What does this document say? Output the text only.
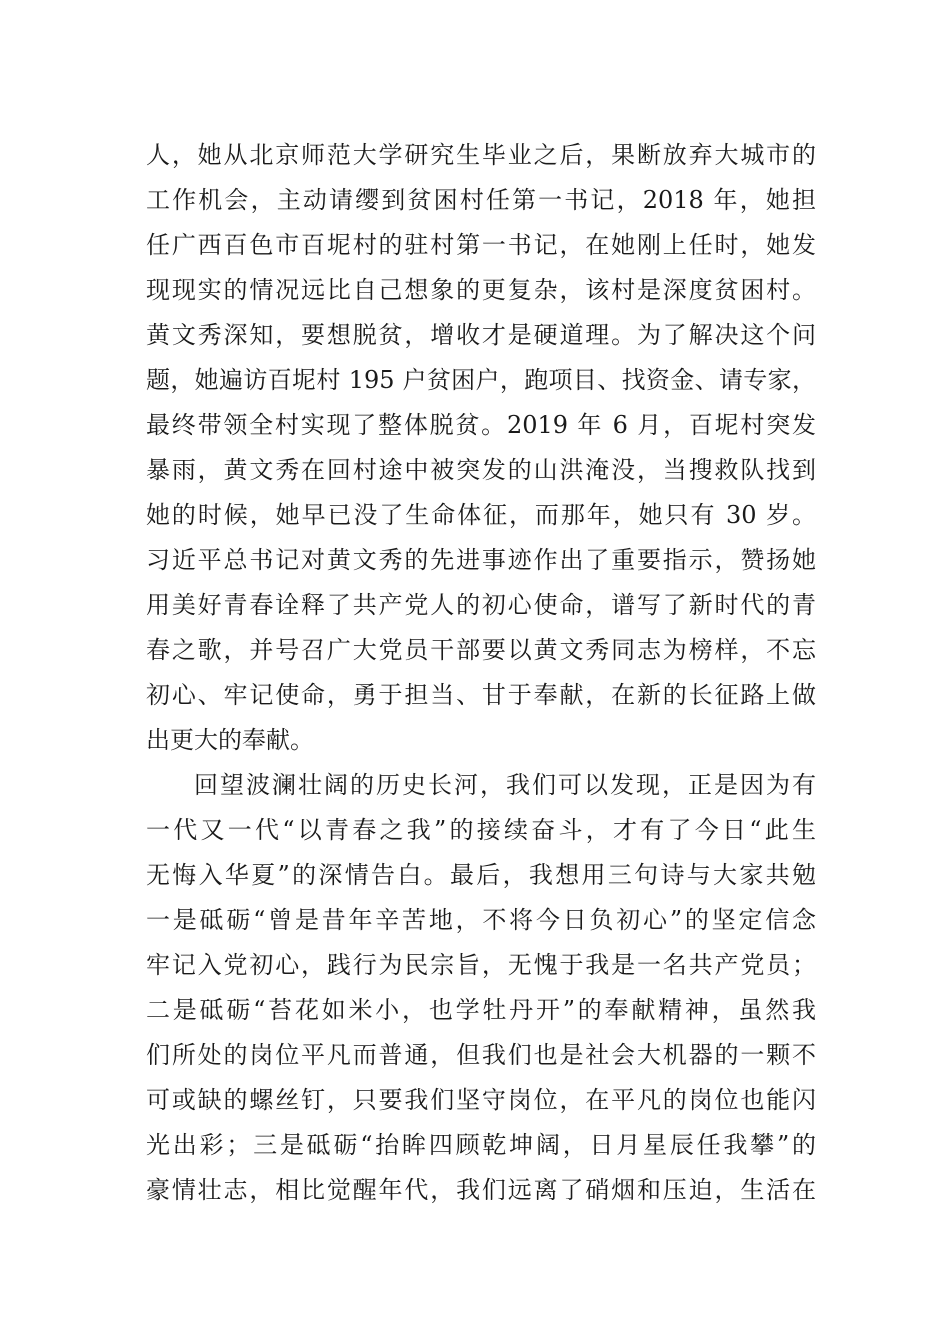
人，她从北京师范大学研究生毕业之后，果断放弃大城市的
工作机会，主动请缨到贫困村任第一书记，2018 年，她担
任广西百色市百坭村的驻村第一书记，在她刚上任时，她发
现现实的情况远比自己想象的更复杂，该村是深度贫困村。
黄文秀深知，要想脱贫，增收才是硬道理。为了解决这个问
题，她遍访百坭村 195 户贫困户，跑项目、找资金、请专家，
最终带领全村实现了整体脱贫。2019 年 6 月，百坭村突发
暴雨，黄文秀在回村途中被突发的山洪淹没，当搜救队找到
她的时候，她早已没了生命体征，而那年，她只有 30 岁。
习近平总书记对黄文秀的先进事迹作出了重要指示，赞扬她
用美好青春诠释了共产党人的初心使命，谱写了新时代的青
春之歌，并号召广大党员干部要以黄文秀同志为榜样，不忘
初心、牢记使命，勇于担当、甘于奉献，在新的长征路上做
出更大的奉献。
回望波澜壮阔的历史长河，我们可以发现，正是因为有
一代又一代“以青春之我”的接续奋斗，才有了今日“此生
无悔入华夏”的深情告白。最后，我想用三句诗与大家共勉
一是砥砺“曾是昔年辛苦地，不将今日负初心”的坚定信念
牢记入党初心，践行为民宗旨，无愧于我是一名共产党员；
二是砥砺“苔花如米小，也学牡丹开”的奉献精神，虽然我
们所处的岗位平凡而普通，但我们也是社会大机器的一颗不
可或缺的螺丝钉，只要我们坚守岗位，在平凡的岗位也能闪
光出彩；三是砥砺“抬眸四顾乾坤阔，日月星辰任我攀”的
豪情壮志，相比觉醒年代，我们远离了硝烟和压迫，生活在
